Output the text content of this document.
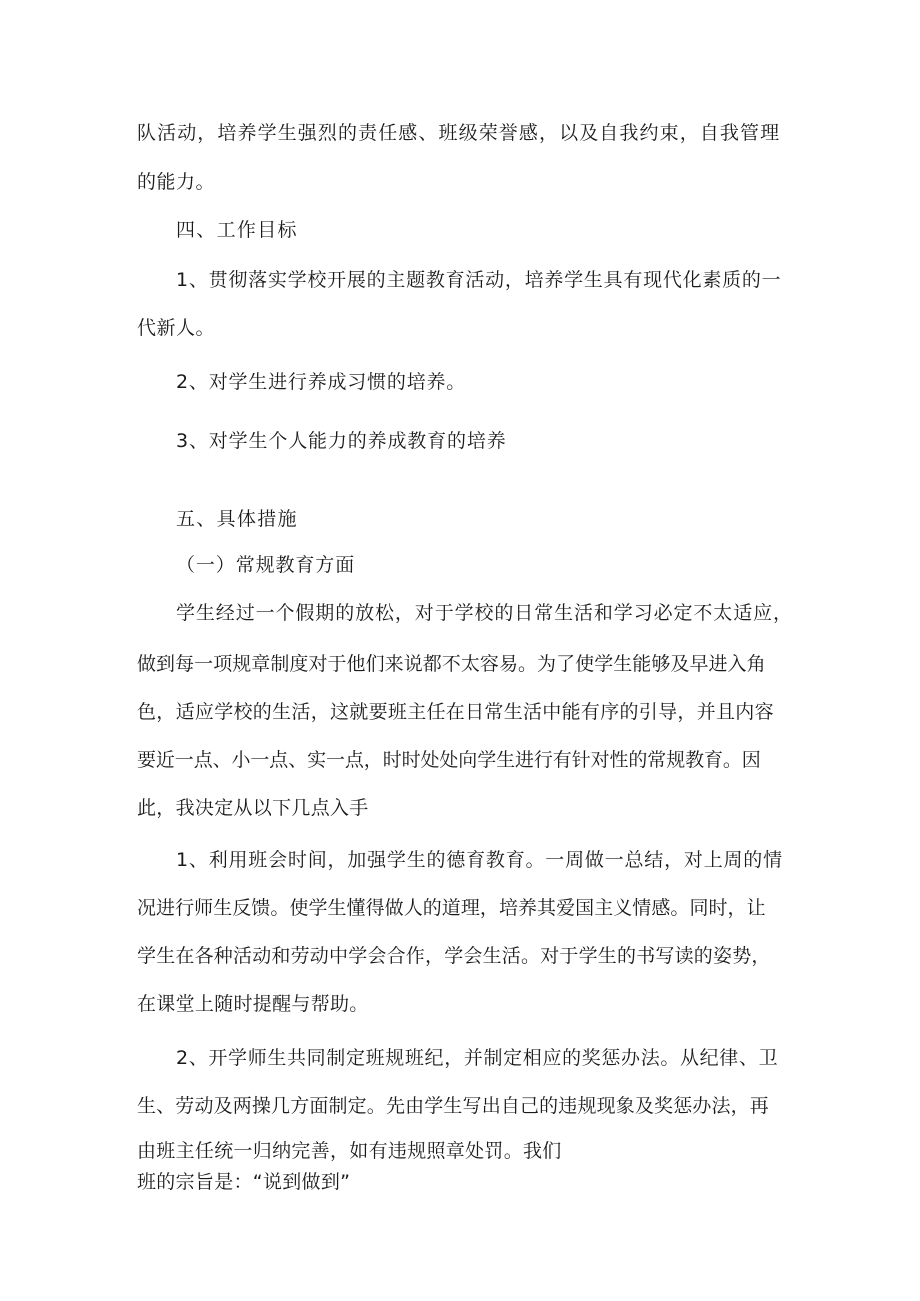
队活动，培养学生强烈的责任感、班级荣誉感，以及自我约束，自我管理
的能力。
四、工作目标
1、贯彻落实学校开展的主题教育活动，培养学生具有现代化素质的一
代新人。
2、对学生进行养成习惯的培养。
3、对学生个人能力的养成教育的培养
五、具体措施
（一）常规教育方面
学生经过一个假期的放松，对于学校的日常生活和学习必定不太适应，
做到每一项规章制度对于他们来说都不太容易。为了使学生能够及早进入角
色，适应学校的生活，这就要班主任在日常生活中能有序的引导，并且内容
要近一点、小一点、实一点，时时处处向学生进行有针对性的常规教育。因
此，我决定从以下几点入手
1、利用班会时间，加强学生的德育教育。一周做一总结，对上周的情
况进行师生反馈。使学生懂得做人的道理，培养其爱国主义情感。同时，让
学生在各种活动和劳动中学会合作，学会生活。对于学生的书写读的姿势，
在课堂上随时提醒与帮助。
2、开学师生共同制定班规班纪，并制定相应的奖惩办法。从纪律、卫
生、劳动及两操几方面制定。先由学生写出自己的违规现象及奖惩办法，再
由班主任统一归纳完善，如有违规照章处罚。我们
班的宗旨是：“说到做到”
